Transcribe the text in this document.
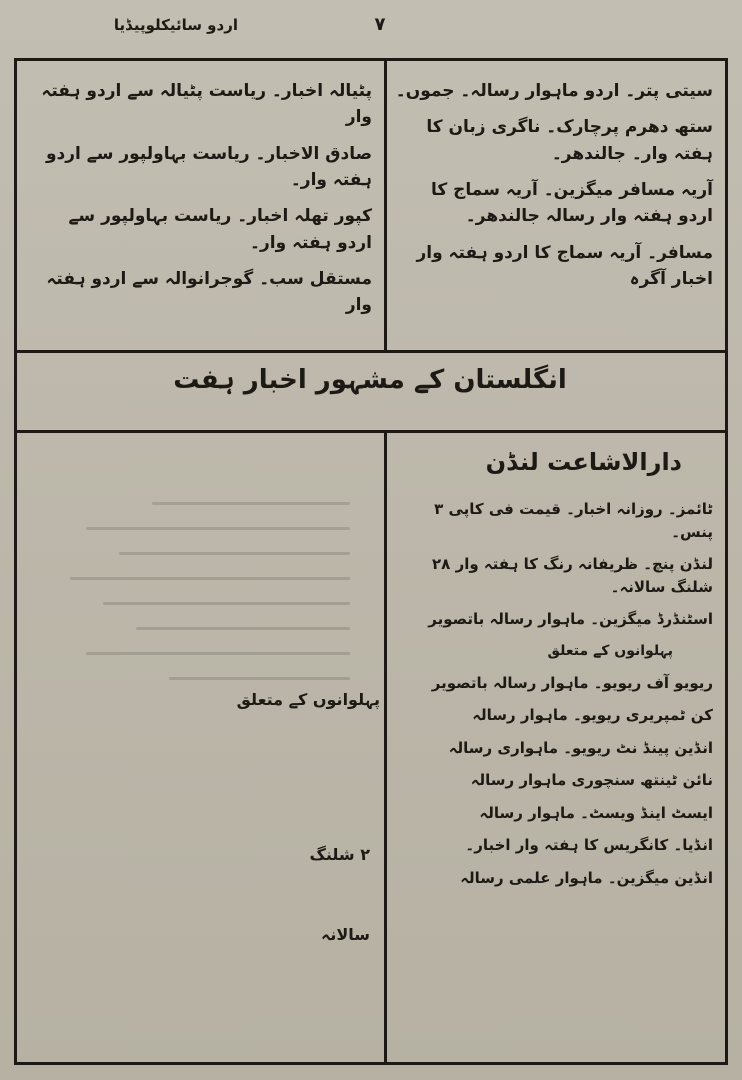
اردو سائیکلوپیڈیا	۷

سیتی پتر۔ اردو ماہوار رسالہ۔ جموں۔

ستھ دھرم پرچارک۔ ناگری زبان کا ہفتہ وار۔ جالندھر۔

آریہ مسافر میگزین۔ آریہ سماج کا اردو ہفتہ وار رسالہ جالندھر۔

مسافر۔ آریہ سماج کا اردو ہفتہ وار اخبار آگرہ

پٹیالہ اخبار۔ ریاست پٹیالہ سے اردو ہفتہ وار

صادق الاخبار۔ ریاست بہاولپور سے اردو ہفتہ وار۔

کپور تھلہ اخبار۔ ریاست بہاولپور سے اردو ہفتہ وار۔

مستقل سب۔ گوجرانوالہ سے اردو ہفتہ وار

انگلستان کے مشہور اخبار ہفت
دارالاشاعت لنڈن

ٹائمز۔ روزانہ اخبار۔ قیمت فی کاپی ۳ پنس۔

لنڈن پنچ۔ ظریفانہ رنگ کا ہفتہ وار ۲۸ شلنگ سالانہ۔

اسٹنڈرڈ میگزین۔ ماہوار رسالہ باتصویر

پہلوانوں کے متعلق

ریویو آف ریویو۔ ماہوار رسالہ باتصویر

کن ٹمپریری ریویو۔ ماہوار رسالہ

انڈین پینڈ نٹ ریویو۔ ماہواری رسالہ

نائن ٹینتھ سنچوری ماہوار رسالہ

ایسٹ اینڈ ویسٹ۔ ماہوار رسالہ

انڈیا۔ کانگریس کا ہفتہ وار اخبار۔

انڈین میگزین۔ ماہوار علمی رسالہ

پہلوانوں کے متعلق
۲ شلنگ
سالانہ
